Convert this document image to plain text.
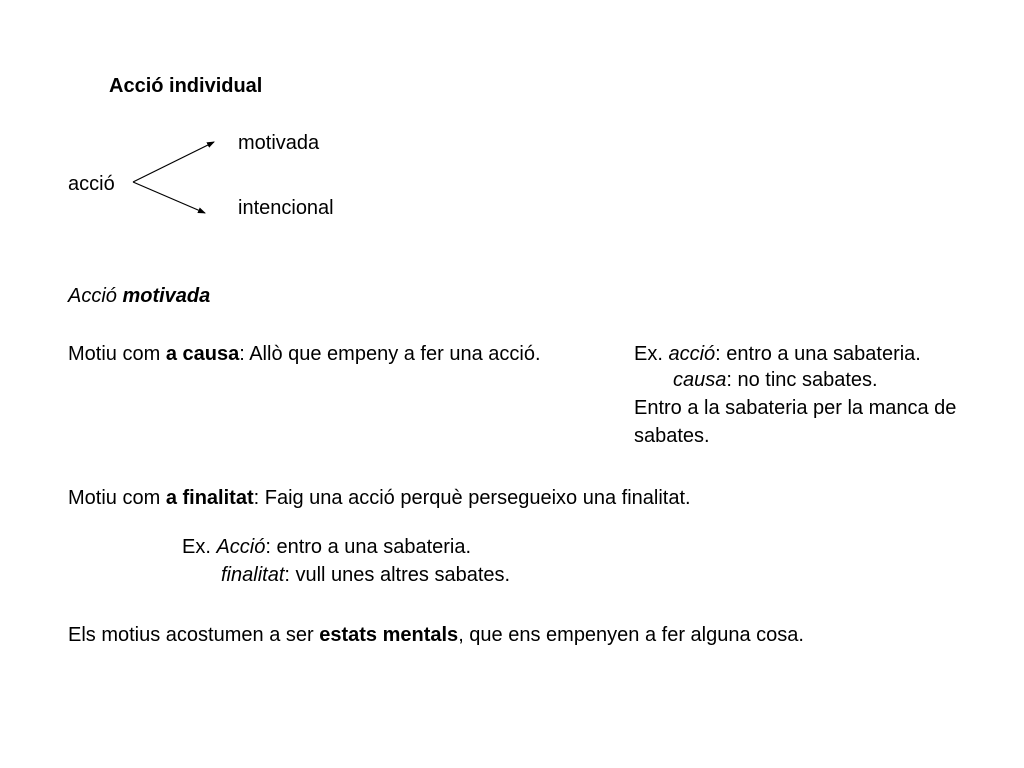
Acció individual
acció
motivada
intencional
Acció motivada
Motiu com a causa: Allò que empeny a fer una acció.	Ex. acció: entro a una sabateria.
causa: no tinc sabates.
Entro a la sabateria per la manca de
sabates.
Motiu com a finalitat: Faig una acció perquè persegueixo una finalitat.
Ex. Acció: entro a una sabateria.
finalitat: vull unes altres sabates.
Els motius acostumen a ser estats mentals, que ens empenyen a fer alguna cosa.
